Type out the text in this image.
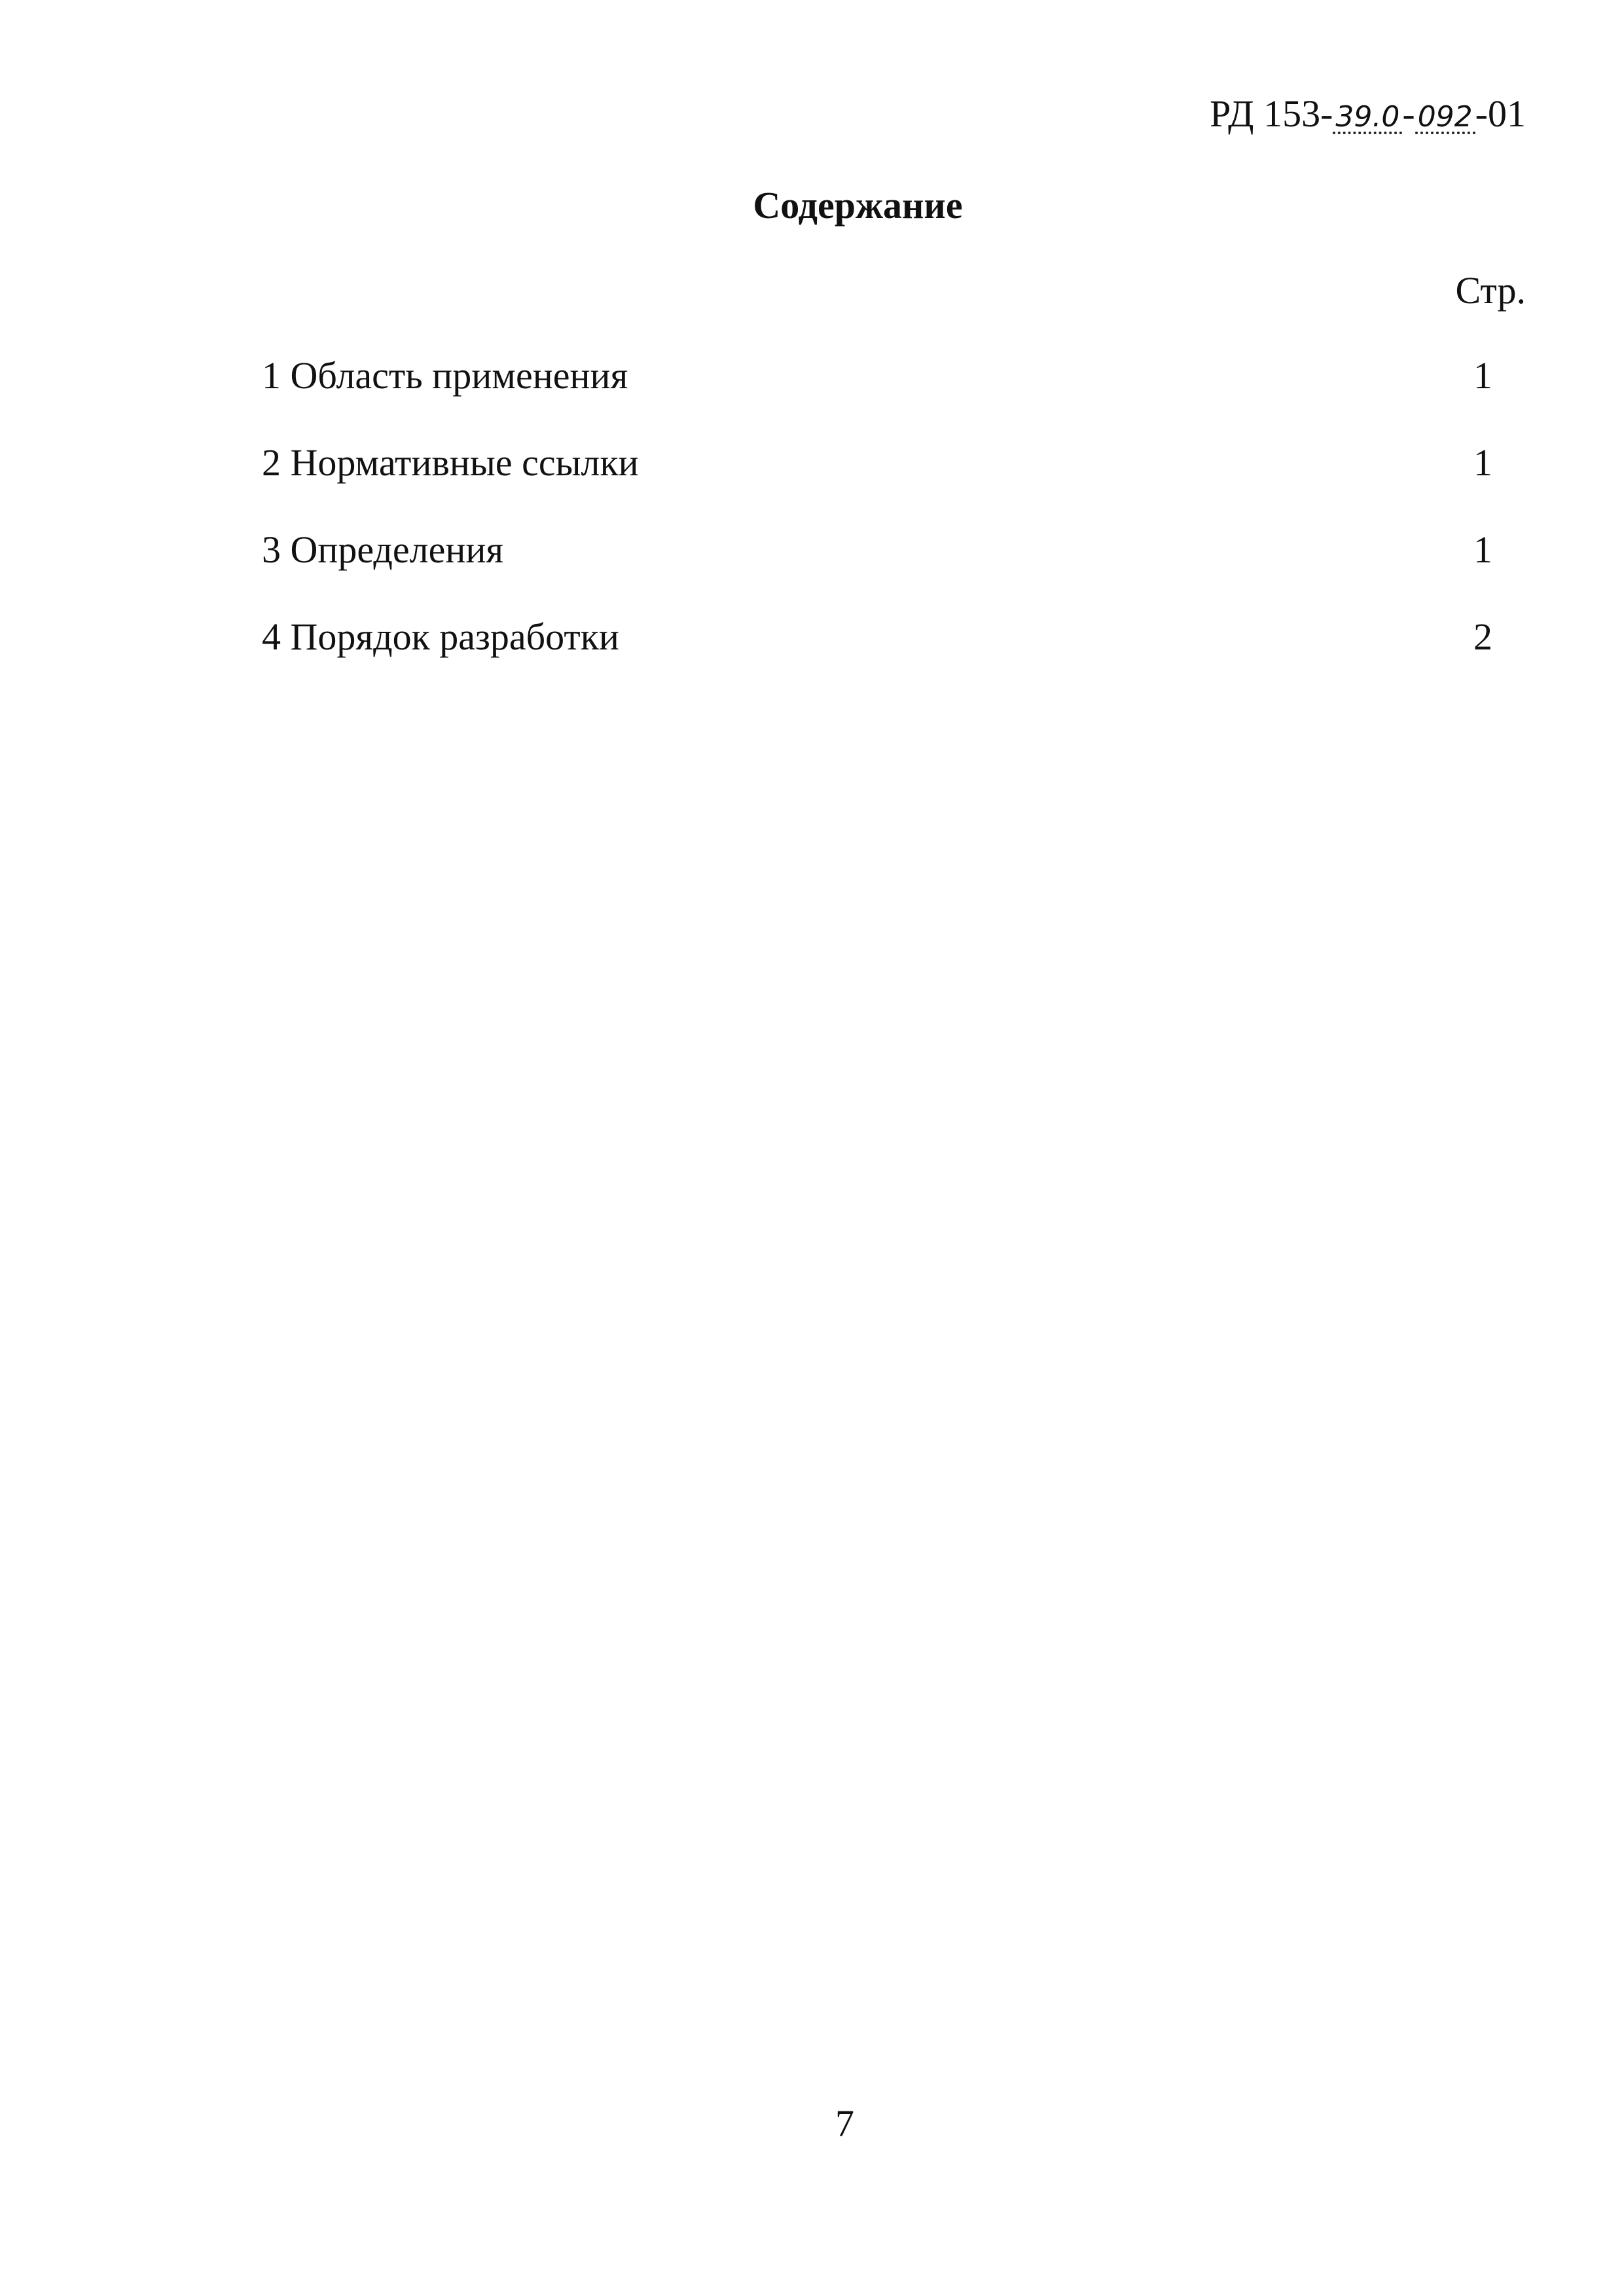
РД 153- 39.0 - 092 -01
Содержание
Стр.
1 Область применения	1
2 Нормативные ссылки	1
3 Определения	1
4 Порядок разработки	2
7
